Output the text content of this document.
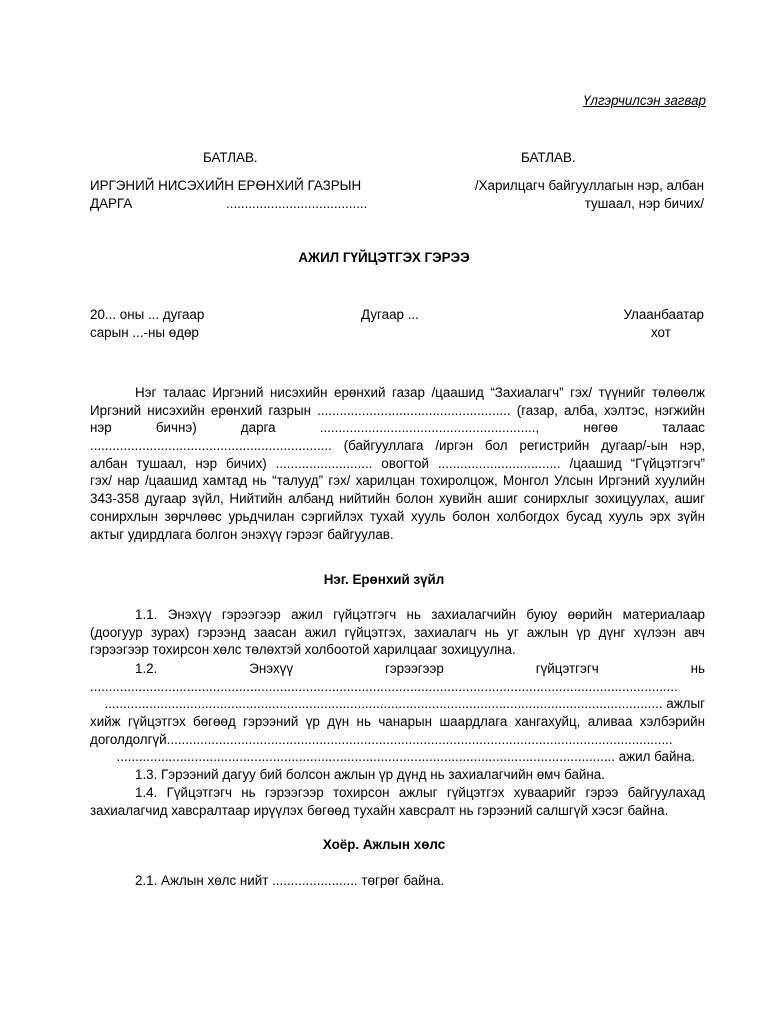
Үлгэрчилсэн загвар
БАТЛАВ.	БАТЛАВ.
ИРГЭНИЙ НИСЭХИЙН ЕРӨНХИЙ ГАЗРЫН
ДАРГА	......................................
/Харилцагч байгууллагын нэр, албан
тушаал, нэр бичих/
АЖИЛ ГҮЙЦЭТГЭХ ГЭРЭЭ
20... оны ... дугаар
сарын ...-ны өдөр
Дугаар ...	Улаанбаатар
хот
Нэг талаас Иргэний нисэхийн ерөнхий газар /цаашид “Захиалагч” гэх/ түүнийг төлөөлж
Иргэний нисэхийн ерөнхий газрын .................................................... (газар, алба, хэлтэс, нэгжийн
нэр бичнэ) дарга .........................................................., нөгөө талаас
................................................................. (байгууллага /иргэн бол регистрийн дугаар/-ын нэр,
албан тушаал, нэр бичих) .......................... овогтой ................................. /цаашид “Гүйцэтгэгч”
гэх/ нар /цаашид хамтад нь “талууд” гэх/ харилцан тохиролцож, Монгол Улсын Иргэний хуулийн
343-358 дугаар зүйл, Нийтийн албанд нийтийн болон хувийн ашиг сонирхлыг зохицуулах, ашиг
сонирхлын зөрчлөөс урьдчилан сэргийлэх тухай хууль болон холбогдох бусад хууль эрх зүйн
актыг удирдлага болгон энэхүү гэрээг байгуулав.
Нэг. Ерөнхий зүйл
1.1. Энэхүү гэрээгээр ажил гүйцэтгэгч нь захиалагчийн буюу өөрийн материалаар
(доогуур зурах) гэрээнд заасан ажил гүйцэтгэх, захиалагч нь уг ажлын үр дүнг хүлээн авч
гэрээгээр тохирсон хөлс төлөхтэй холбоотой харилцааг зохицуулна.
1.2. Энэхүү гэрээгээр гүйцэтгэгч нь
..............................................................................................................................................................
...................................................................................................................................................... ажлыг
хийж гүйцэтгэх бөгөөд гэрээний үр дүн нь чанарын шаардлага хангахуйц, аливаа хэлбэрийн
доголдолгүй........................................................................................................................................
...................................................................................................................................... ажил байна.
1.3. Гэрээний дагуу бий болсон ажлын үр дүнд нь захиалагчийн өмч байна.
1.4. Гүйцэтгэгч нь гэрээгээр тохирсон ажлыг гүйцэтгэх хуваарийг гэрээ байгуулахад
захиалагчид хавсралтаар ирүүлэх бөгөөд тухайн хавсралт нь гэрээний салшгүй хэсэг байна.
Хоёр. Ажлын хөлс
2.1. Ажлын хөлс нийт ....................... төгрөг байна.
